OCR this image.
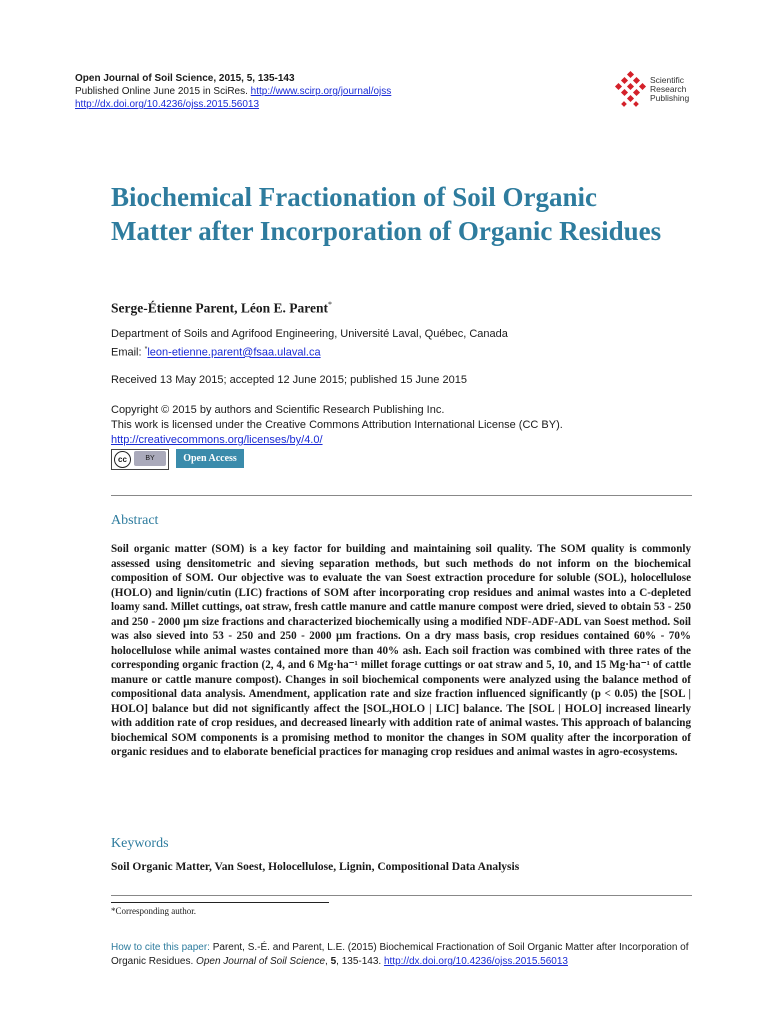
Open Journal of Soil Science, 2015, 5, 135-143
Published Online June 2015 in SciRes. http://www.scirp.org/journal/ojss
http://dx.doi.org/10.4236/ojss.2015.56013
Scientific
Research
Publishing
Biochemical Fractionation of Soil Organic Matter after Incorporation of Organic Residues
Serge-Étienne Parent, Léon E. Parent*
Department of Soils and Agrifood Engineering, Université Laval, Québec, Canada
Email: *leon-etienne.parent@fsaa.ulaval.ca
Received 13 May 2015; accepted 12 June 2015; published 15 June 2015
Copyright © 2015 by authors and Scientific Research Publishing Inc.
This work is licensed under the Creative Commons Attribution International License (CC BY).
http://creativecommons.org/licenses/by/4.0/
cc	BY	Open Access
Abstract
Soil organic matter (SOM) is a key factor for building and maintaining soil quality. The SOM quality is commonly assessed using densitometric and sieving separation methods, but such methods do not inform on the biochemical composition of SOM. Our objective was to evaluate the van Soest extraction procedure for soluble (SOL), holocellulose (HOLO) and lignin/cutin (LIC) fractions of SOM after incorporating crop residues and animal wastes into a C-depleted loamy sand. Millet cuttings, oat straw, fresh cattle manure and cattle manure compost were dried, sieved to obtain 53 - 250 and 250 - 2000 µm size fractions and characterized biochemically using a modified NDF-ADF-ADL van Soest method. Soil was also sieved into 53 - 250 and 250 - 2000 µm fractions. On a dry mass basis, crop residues contained 60% - 70% holocellulose while animal wastes contained more than 40% ash. Each soil fraction was combined with three rates of the corresponding organic fraction (2, 4, and 6 Mg·ha⁻¹ millet forage cuttings or oat straw and 5, 10, and 15 Mg·ha⁻¹ of cattle manure or cattle manure compost). Changes in soil biochemical components were analyzed using the balance method of compositional data analysis. Amendment, application rate and size fraction influenced significantly (p < 0.05) the [SOL | HOLO] balance but did not significantly affect the [SOL,HOLO | LIC] balance. The [SOL | HOLO] increased linearly with addition rate of crop residues, and decreased linearly with addition rate of animal wastes. This approach of balancing biochemical SOM components is a promising method to monitor the changes in SOM quality after the incorporation of organic residues and to elaborate beneficial practices for managing crop residues and animal wastes in agro-ecosystems.
Keywords
Soil Organic Matter, Van Soest, Holocellulose, Lignin, Compositional Data Analysis
*Corresponding author.
How to cite this paper: Parent, S.-É. and Parent, L.E. (2015) Biochemical Fractionation of Soil Organic Matter after Incorporation of Organic Residues. Open Journal of Soil Science, 5, 135-143. http://dx.doi.org/10.4236/ojss.2015.56013
